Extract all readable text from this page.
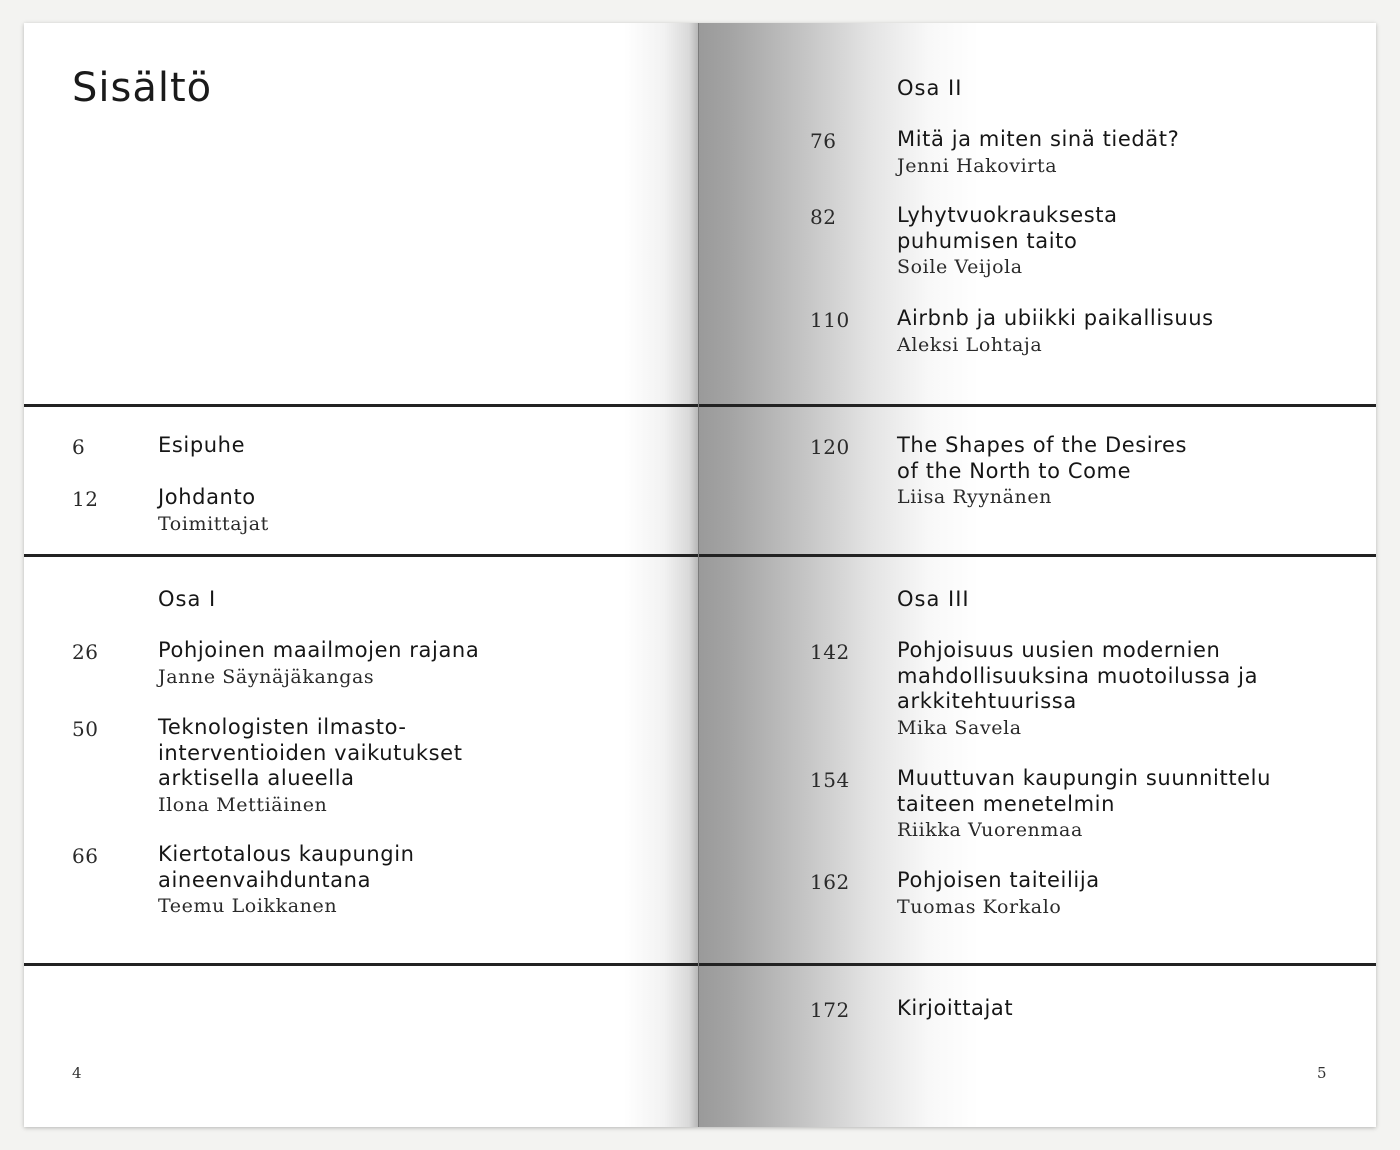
Sisältö
6	Esipuhe
12	Johdanto
Toimittajat
Osa I
26	Pohjoinen maailmojen rajana
Janne Säynäjäkangas
50	Teknologisten ilmasto-
interventioiden vaikutukset
arktisella alueella
Ilona Mettiäinen
66	Kiertotalous kaupungin
aineenvaihduntana
Teemu Loikkanen
4
Osa II
76	Mitä ja miten sinä tiedät?
Jenni Hakovirta
82	Lyhytvuokrauksesta
puhumisen taito
Soile Veijola
110 Airbnb ja ubiikki paikallisuus
Aleksi Lohtaja
120 The Shapes of the Desires
of the North to Come
Liisa Ryynänen
Osa III
142 Pohjoisuus uusien modernien
mahdollisuuksina muotoilussa ja
arkkitehtuurissa
Mika Savela
154 Muuttuvan kaupungin suunnittelu
taiteen menetelmin
Riikka Vuorenmaa
162 Pohjoisen taiteilija
Tuomas Korkalo
172 Kirjoittajat
5
